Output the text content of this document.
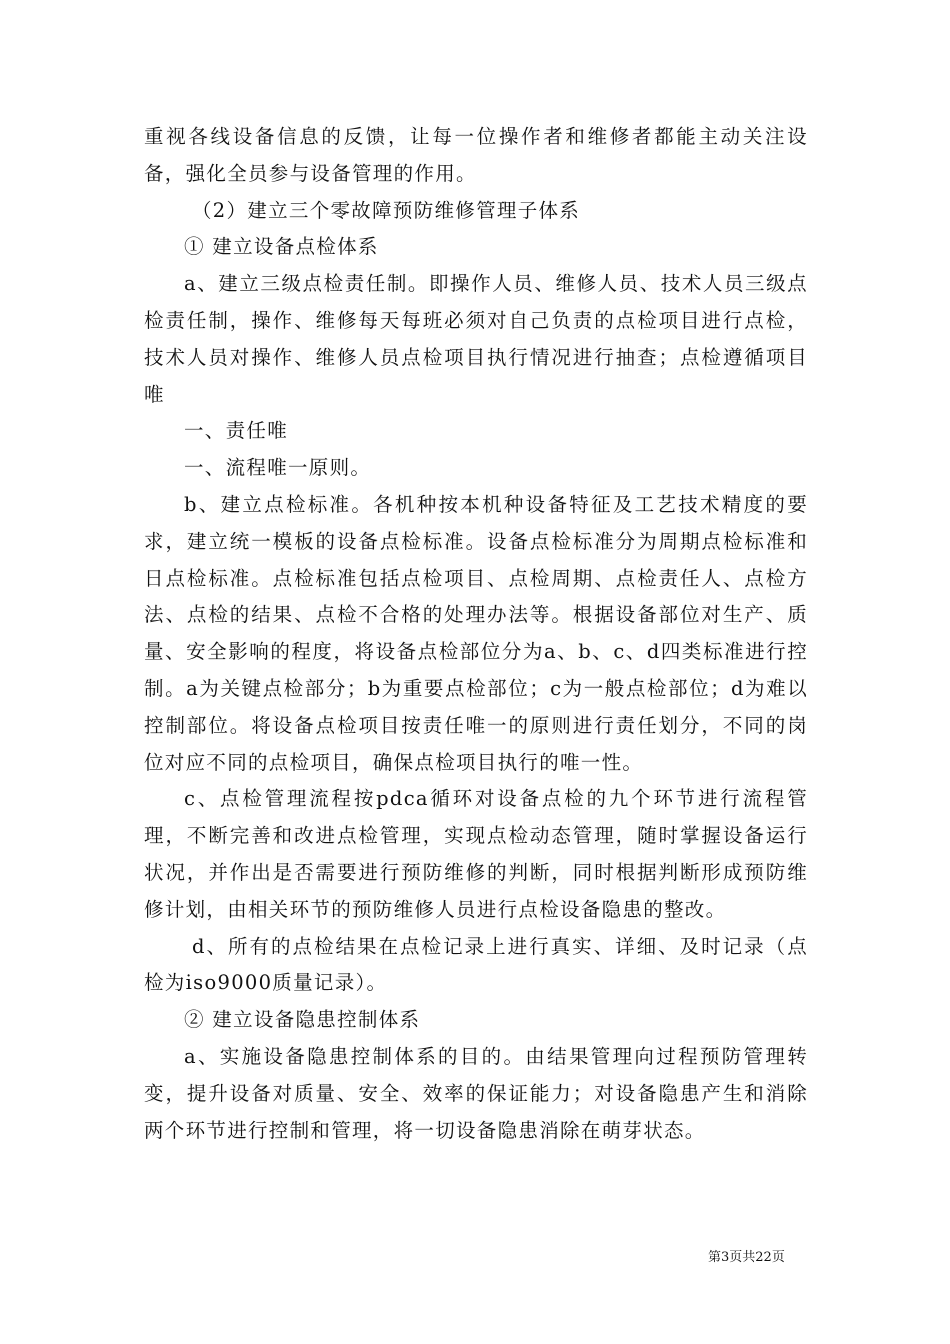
重视各线设备信息的反馈，让每一位操作者和维修者都能主动关注设备，强化全员参与设备管理的作用。

（2）建立三个零故障预防维修管理子体系

① 建立设备点检体系

a、建立三级点检责任制。即操作人员、维修人员、技术人员三级点检责任制，操作、维修每天每班必须对自己负责的点检项目进行点检，技术人员对操作、维修人员点检项目执行情况进行抽查；点检遵循项目唯

一、责任唯

一、流程唯一原则。

b、建立点检标准。各机种按本机种设备特征及工艺技术精度的要求，建立统一模板的设备点检标准。设备点检标准分为周期点检标准和日点检标准。点检标准包括点检项目、点检周期、点检责任人、点检方法、点检的结果、点检不合格的处理办法等。根据设备部位对生产、质量、安全影响的程度，将设备点检部位分为a、b、c、d四类标准进行控制。a为关键点检部分；b为重要点检部位；c为一般点检部位；d为难以控制部位。将设备点检项目按责任唯一的原则进行责任划分，不同的岗位对应不同的点检项目，确保点检项目执行的唯一性。

c、点检管理流程按pdca循环对设备点检的九个环节进行流程管理，不断完善和改进点检管理，实现点检动态管理，随时掌握设备运行状况，并作出是否需要进行预防维修的判断，同时根据判断形成预防维修计划，由相关环节的预防维修人员进行点检设备隐患的整改。

d、所有的点检结果在点检记录上进行真实、详细、及时记录（点检为iso9000质量记录）。

② 建立设备隐患控制体系

a、实施设备隐患控制体系的目的。由结果管理向过程预防管理转变，提升设备对质量、安全、效率的保证能力；对设备隐患产生和消除两个环节进行控制和管理，将一切设备隐患消除在萌芽状态。

第3页共22页
